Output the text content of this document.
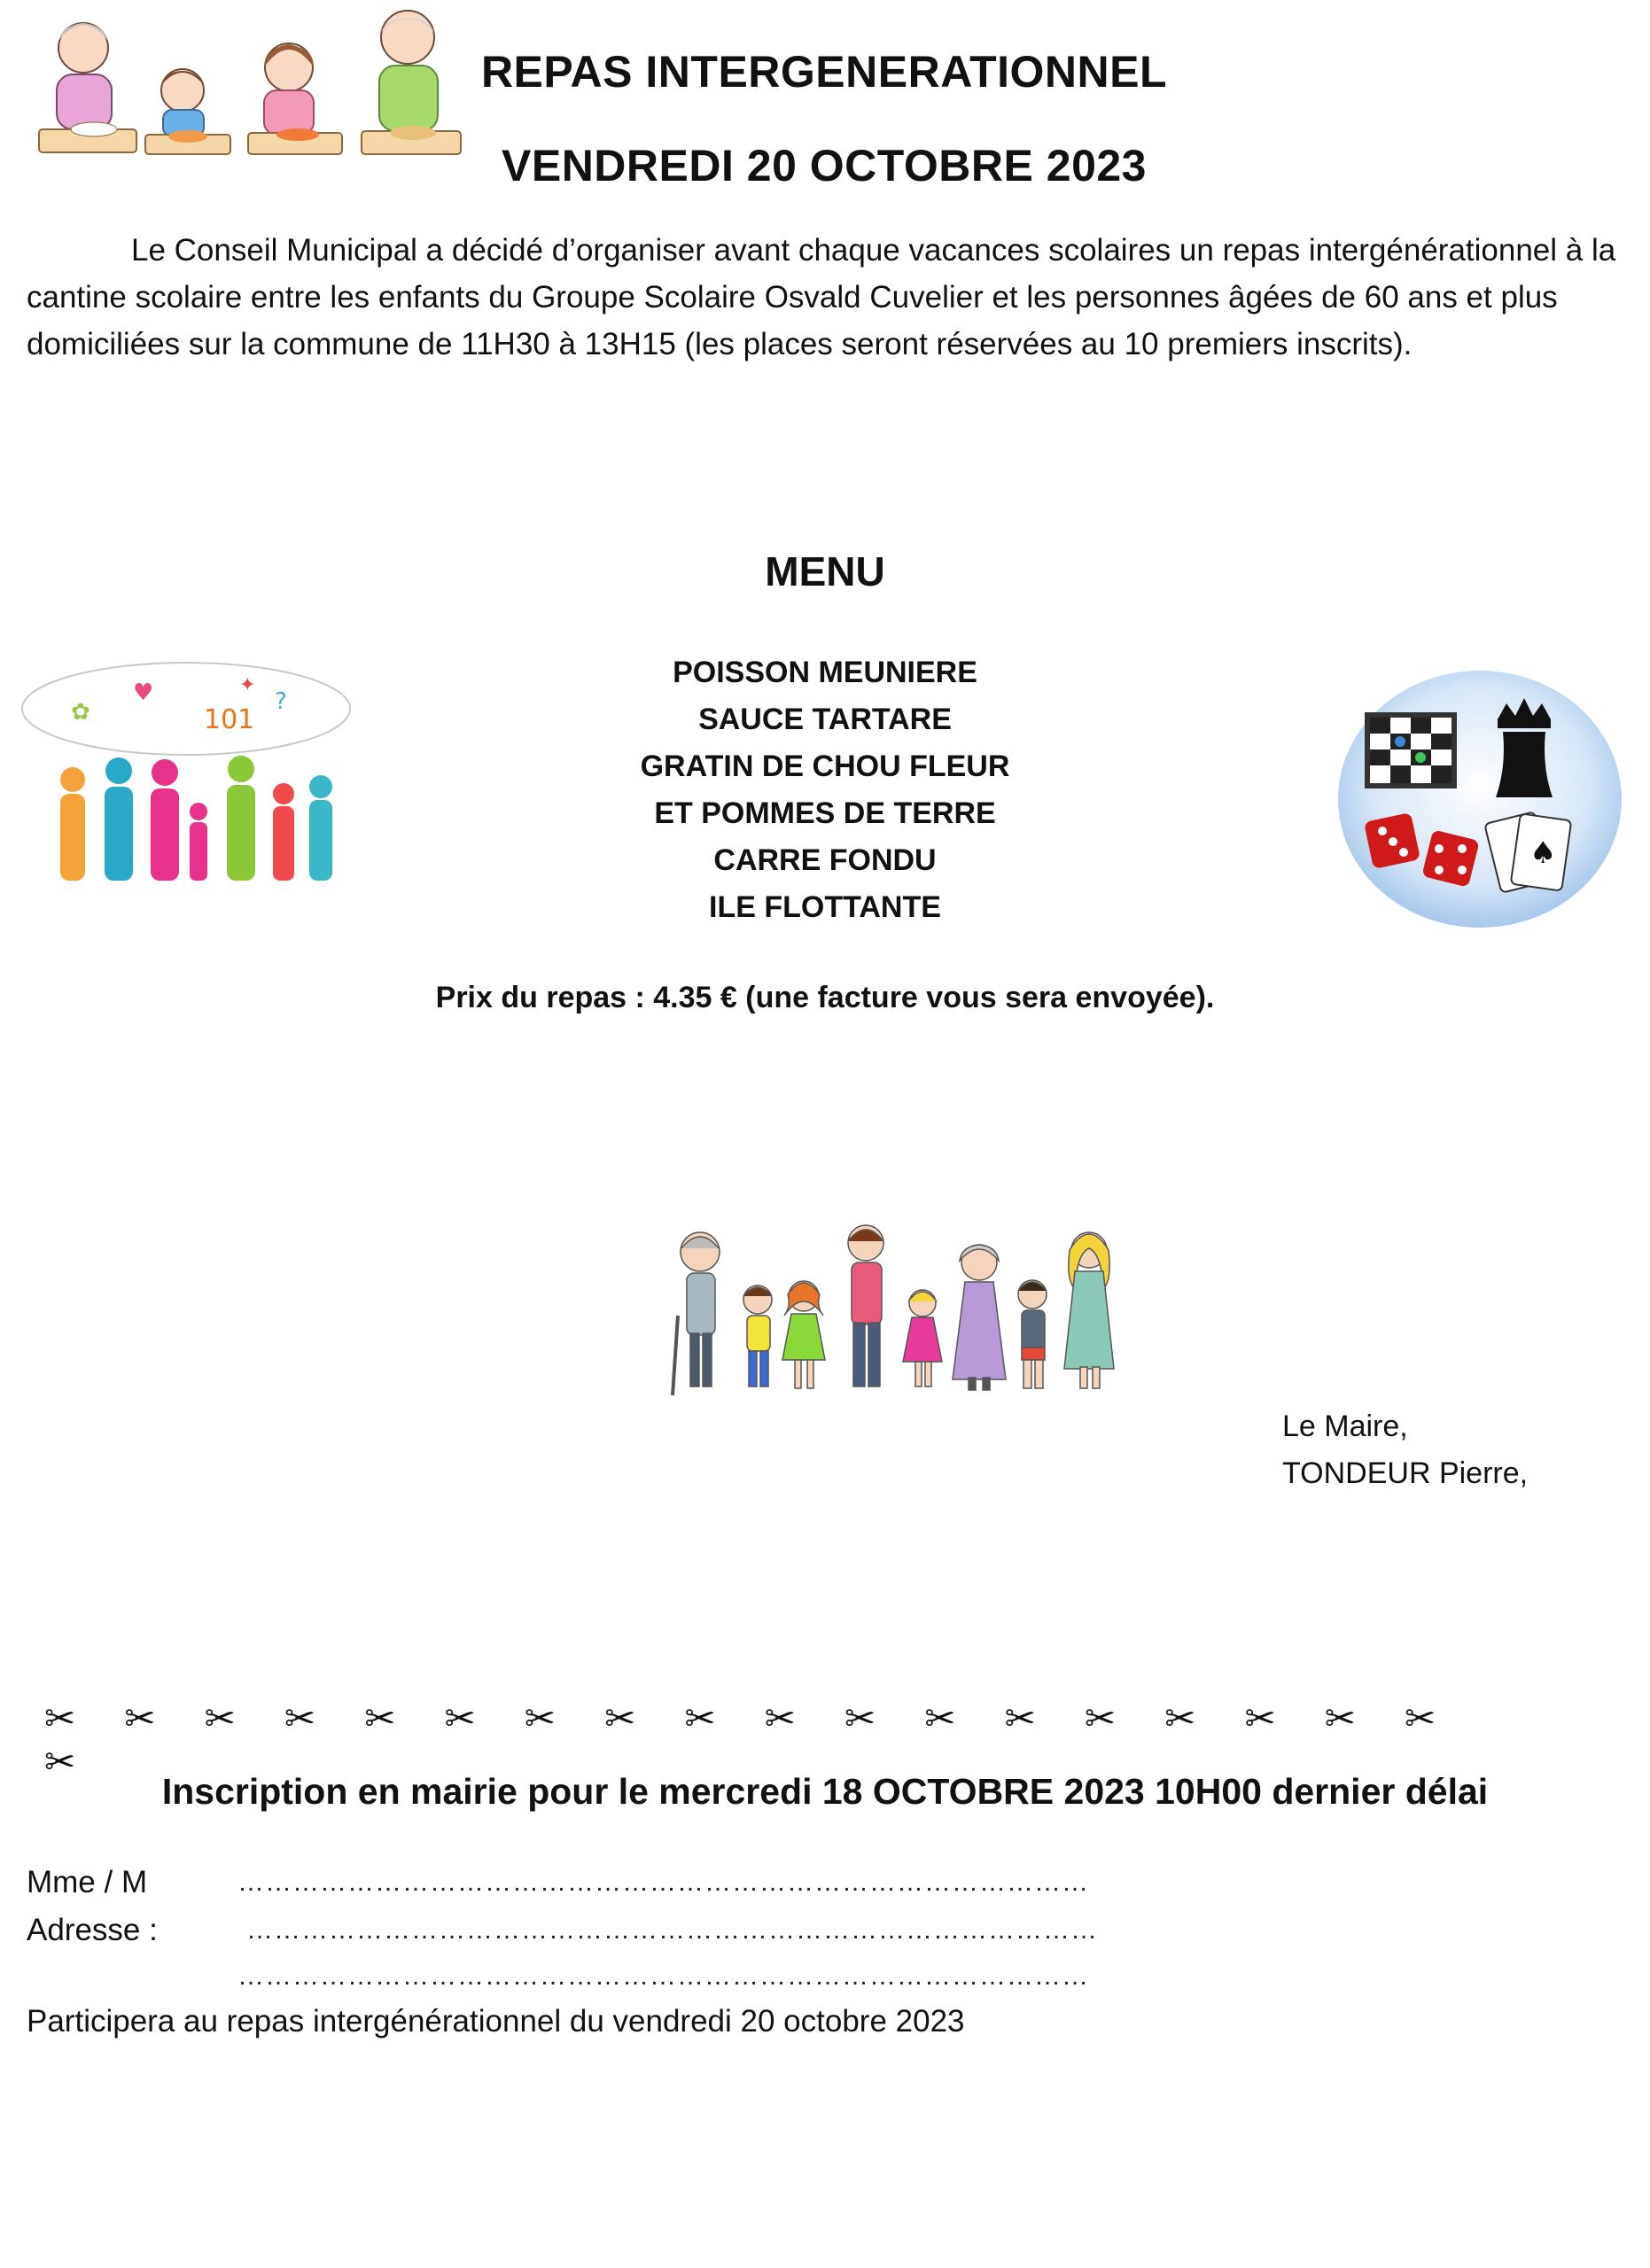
REPAS INTERGENERATIONNEL
VENDREDI 20 OCTOBRE 2023
Le Conseil Municipal a décidé d’organiser avant chaque vacances scolaires un repas intergénérationnel à la cantine scolaire entre les enfants du Groupe Scolaire Osvald Cuvelier et les personnes âgées de 60 ans et plus domiciliées sur la commune de 11H30 à 13H15 (les places seront réservées au 10 premiers inscrits).
MENU
✿
♥
101
?
✦	POISSON MEUNIERE
SAUCE TARTARE
GRATIN DE CHOU FLEUR
ET POMMES DE TERRE
CARRE FONDU
ILE FLOTTANTE
♠
Prix du repas : 4.35 € (une facture vous sera envoyée).
Le Maire,
TONDEUR Pierre,
✂ ✂ ✂ ✂ ✂ ✂ ✂ ✂ ✂ ✂ ✂ ✂ ✂ ✂ ✂ ✂ ✂ ✂✂
Inscription en mairie pour le mercredi 18 OCTOBRE 2023 10H00 dernier délai
Mme / M	…………………………………………………………………………………
Adresse :	…………………………………………………………………………………
…………………………………………………………………………………
Participera au repas intergénérationnel du vendredi 20 octobre 2023
